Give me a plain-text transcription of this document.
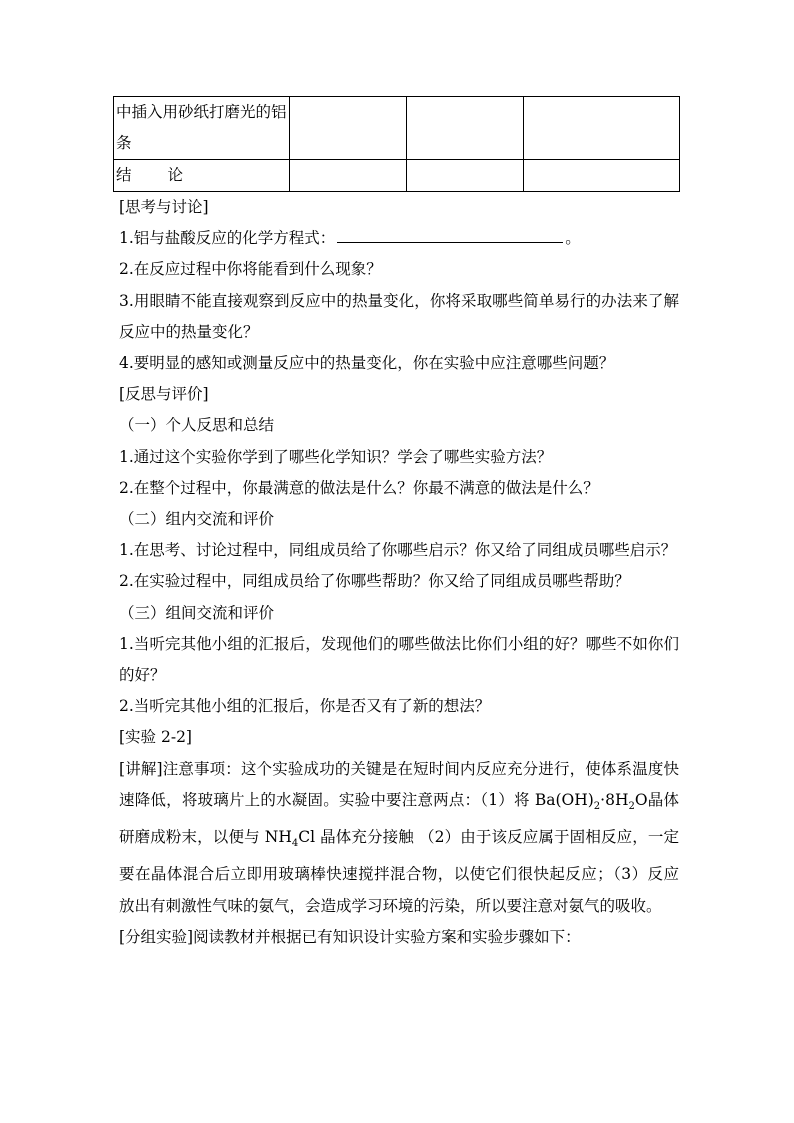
中插入用砂纸打磨光的铝条			
结 论			
[思考与讨论]
1.铝与盐酸反应的化学方程式：	。
2.在反应过程中你将能看到什么现象？
3.用眼睛不能直接观察到反应中的热量变化，你将采取哪些简单易行的办法来了解反应中的热量变化？
4.要明显的感知或测量反应中的热量变化，你在实验中应注意哪些问题？
[反思与评价]
（一）个人反思和总结
1.通过这个实验你学到了哪些化学知识？学会了哪些实验方法？
2.在整个过程中，你最满意的做法是什么？你最不满意的做法是什么？
（二）组内交流和评价
1.在思考、讨论过程中，同组成员给了你哪些启示？你又给了同组成员哪些启示？
2.在实验过程中，同组成员给了你哪些帮助？你又给了同组成员哪些帮助？
（三）组间交流和评价
1.当听完其他小组的汇报后，发现他们的哪些做法比你们小组的好？哪些不如你们的好？
2.当听完其他小组的汇报后，你是否又有了新的想法？
[实验 2-2]
[讲解]注意事项：这个实验成功的关键是在短时间内反应充分进行，使体系温度快速降低，将玻璃片上的水凝固。实验中要注意两点：（1）将 $Ba(OH)_2\cdot 8H_2O$晶体研磨成粉末，以便与 $NH_4Cl$ 晶体充分接触 （2）由于该反应属于固相反应，一定要在晶体混合后立即用玻璃棒快速搅拌混合物，以使它们很快起反应；（3）反应放出有刺激性气味的氨气，会造成学习环境的污染，所以要注意对氨气的吸收。
[分组实验]阅读教材并根据已有知识设计实验方案和实验步骤如下：
